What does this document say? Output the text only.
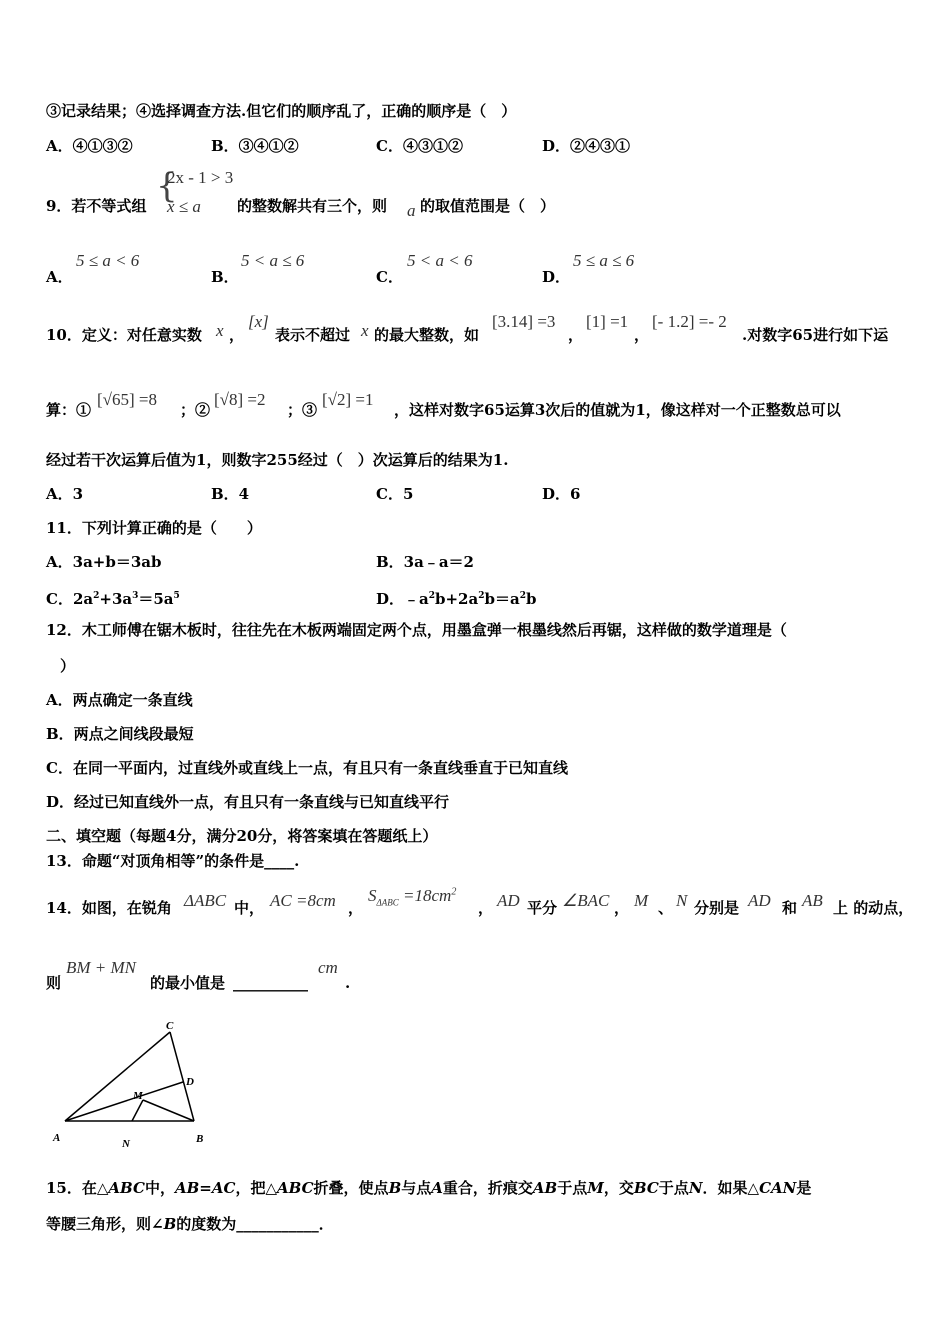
③记录结果；④选择调查方法.但它们的顺序乱了，正确的顺序是（　）
A．④①③②	B．③④①②	C．④③①②	D．②④③①
9．若不等式组 {
2x - 1 > 3
x ≤ a 的整数解共有三个，则 a 的取值范围是（　）
A．
5 ≤ a < 6
B．
5 < a ≤ 6
C．
5 < a < 6
D．
5 ≤ a ≤ 6
10．定义：对任意实数 x ，
[x]
表示不超过 x 的最大整数，如
[3.14] =3
，
[1] =1
，
[- 1.2] =- 2
.对数字65进行如下运
算：①
[√65] =8
；②
[√8] =2
；③
[√2] =1
，这样对数字65运算3次后的值就为1，像这样对一个正整数总可以
经过若干次运算后值为1，则数字255经过（　）次运算后的结果为1.
A．3	B．4	C．5	D．6
11．下列计算正确的是（　　）
A．3a+b＝3ab	B．3a﹣a＝2
C．$2a^2+3a^3=5a^5$	D．$﹣a^2b+2a^2b=a^2b$
12．木工师傅在锯木板时，往往先在木板两端固定两个点，用墨盒弹一根墨线然后再锯，这样做的数学道理是（
）
A．两点确定一条直线
B．两点之间线段最短
C．在同一平面内，过直线外或直线上一点，有且只有一条直线垂直于已知直线
D．经过已知直线外一点，有且只有一条直线与已知直线平行
二、填空题（每题4分，满分20分，将答案填在答题纸上）
13．命题“对顶角相等”的条件是____.
14．如图，在锐角 ΔABC 中， AC =8cm ，
$S_{\Delta ABC} =18cm^2$
， AD 平分 ∠BAC ， M 、 N 分别是 AD 和 AB 上 的动点，
则
BM + MN
的最小值是 __________
cm
.
C
D
M
A	N	B
15．在△ABC中，AB=AC，把△ABC折叠，使点B与点A重合，折痕交AB于点M，交BC于点N．如果△CAN是
等腰三角形，则∠B的度数为___________．
